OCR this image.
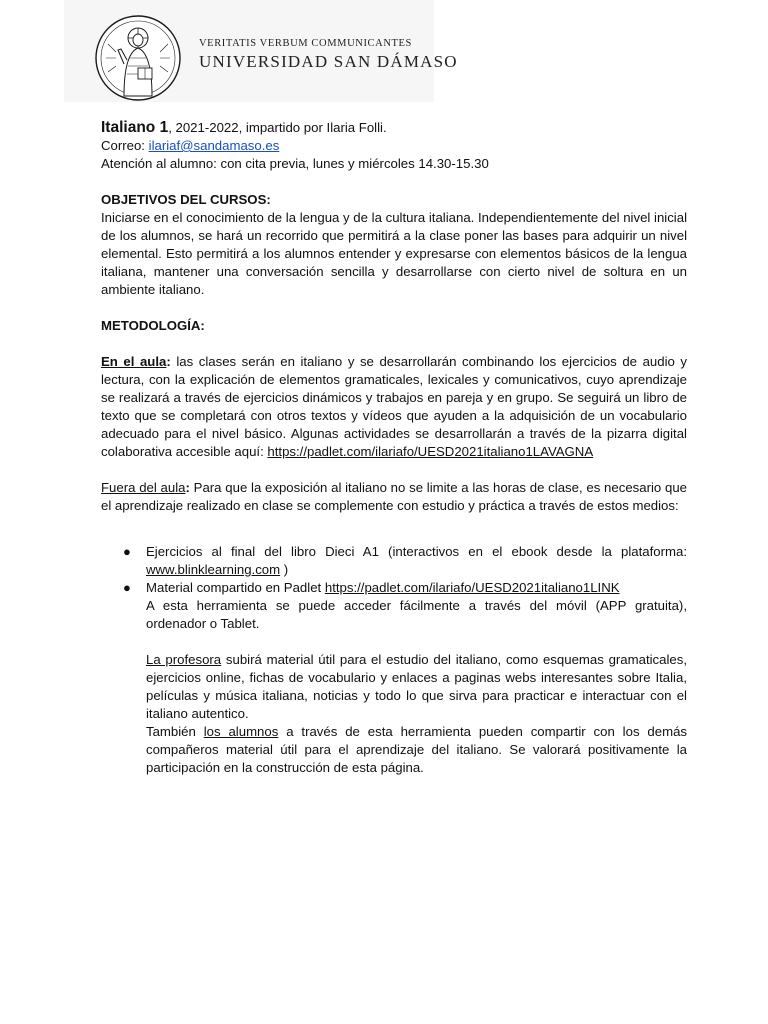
VERITATIS VERBUM COMMUNICANTES
UNIVERSIDAD SAN DÁMASO

Italiano 1, 2021-2022, impartido por Ilaria Folli.

Correo: ilariaf@sandamaso.es

Atención al alumno: con cita previa, lunes y miércoles 14.30-15.30

OBJETIVOS DEL CURSOS:

Iniciarse en el conocimiento de la lengua y de la cultura italiana. Independientemente del nivel inicial de los alumnos, se hará un recorrido que permitirá a la clase poner las bases para adquirir un nivel elemental. Esto permitirá a los alumnos entender y expresarse con elementos básicos de la lengua italiana, mantener una conversación sencilla y desarrollarse con cierto nivel de soltura en un ambiente italiano.

METODOLOGÍA:

En el aula: las clases serán en italiano y se desarrollarán combinando los ejercicios de audio y lectura, con la explicación de elementos gramaticales, lexicales y comunicativos, cuyo aprendizaje se realizará a través de ejercicios dinámicos y trabajos en pareja y en grupo. Se seguirá un libro de texto que se completará con otros textos y vídeos que ayuden a la adquisición de un vocabulario adecuado para el nivel básico. Algunas actividades se desarrollarán a través de la pizarra digital colaborativa accesible aquí: https://padlet.com/ilariafo/UESD2021italiano1LAVAGNA

Fuera del aula: Para que la exposición al italiano no se limite a las horas de clase, es necesario que el aprendizaje realizado en clase se complemente con estudio y práctica a través de estos medios:

● Ejercicios al final del libro Dieci A1 (interactivos en el ebook desde la plataforma: www.blinklearning.com )
● Material compartido en Padlet https://padlet.com/ilariafo/UESD2021italiano1LINK

A esta herramienta se puede acceder fácilmente a través del móvil (APP gratuita), ordenador o Tablet.

La profesora subirá material útil para el estudio del italiano, como esquemas gramaticales, ejercicios online, fichas de vocabulario y enlaces a paginas webs interesantes sobre Italia, películas y música italiana, noticias y todo lo que sirva para practicar e interactuar con el italiano autentico.

También los alumnos a través de esta herramienta pueden compartir con los demás compañeros material útil para el aprendizaje del italiano. Se valorará positivamente la participación en la construcción de esta página.
